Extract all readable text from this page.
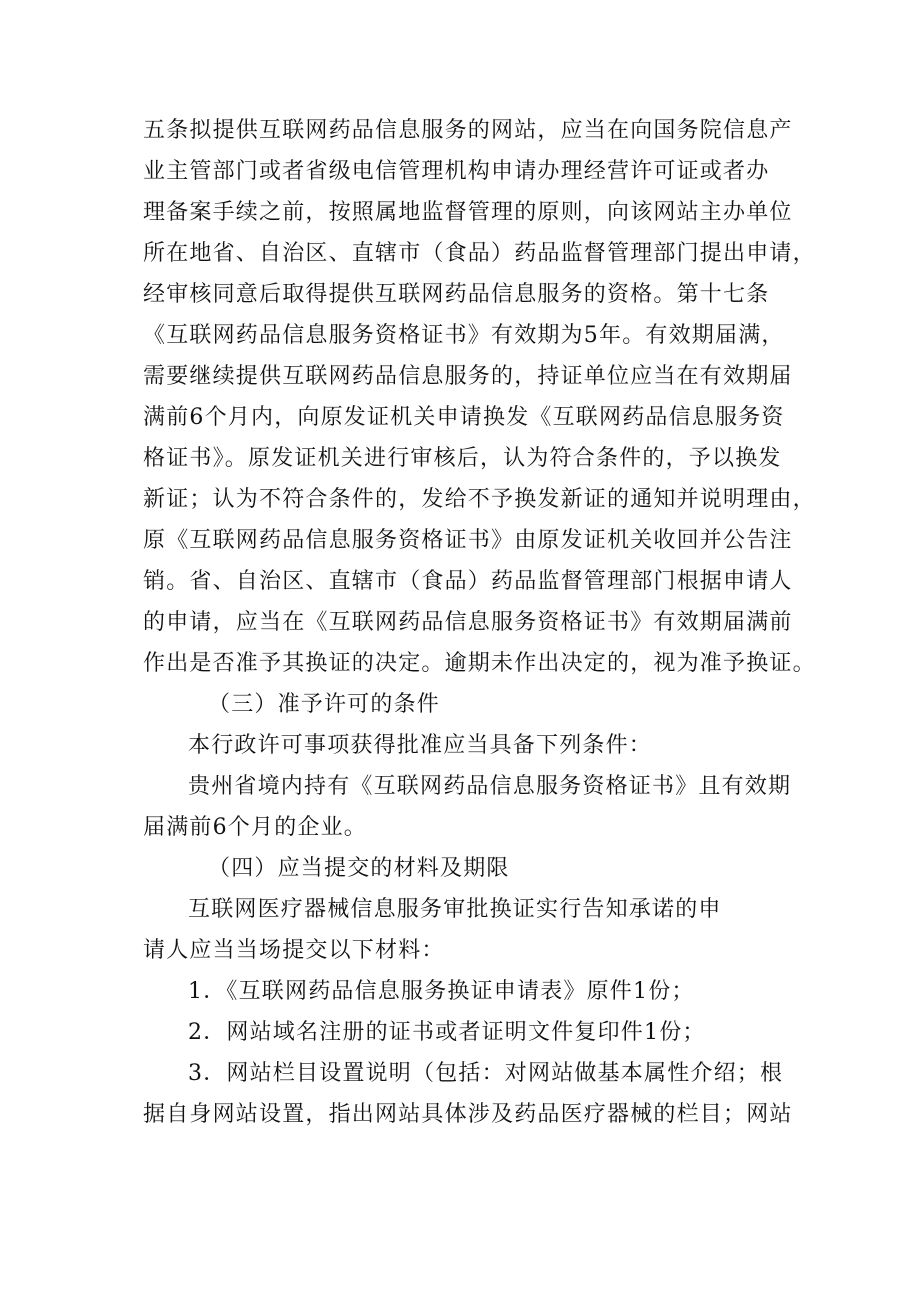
五条拟提供互联网药品信息服务的网站，应当在向国务院信息产
业主管部门或者省级电信管理机构申请办理经营许可证或者办
理备案手续之前，按照属地监督管理的原则，向该网站主办单位
所在地省、自治区、直辖市（食品）药品监督管理部门提出申请，
经审核同意后取得提供互联网药品信息服务的资格。第十七条
《互联网药品信息服务资格证书》有效期为5年。有效期届满，
需要继续提供互联网药品信息服务的，持证单位应当在有效期届
满前6个月内，向原发证机关申请换发《互联网药品信息服务资
格证书》。原发证机关进行审核后，认为符合条件的，予以换发
新证；认为不符合条件的，发给不予换发新证的通知并说明理由，
原《互联网药品信息服务资格证书》由原发证机关收回并公告注
销。省、自治区、直辖市（食品）药品监督管理部门根据申请人
的申请，应当在《互联网药品信息服务资格证书》有效期届满前
作出是否准予其换证的决定。逾期未作出决定的，视为准予换证。
（三）准予许可的条件
本行政许可事项获得批准应当具备下列条件：
贵州省境内持有《互联网药品信息服务资格证书》且有效期
届满前6个月的企业。
（四）应当提交的材料及期限
互联网医疗器械信息服务审批换证实行告知承诺的申
请人应当当场提交以下材料：
1．《互联网药品信息服务换证申请表》原件1份；
2．网站域名注册的证书或者证明文件复印件1份；
3．网站栏目设置说明（包括：对网站做基本属性介绍；根
据自身网站设置，指出网站具体涉及药品医疗器械的栏目；网站
